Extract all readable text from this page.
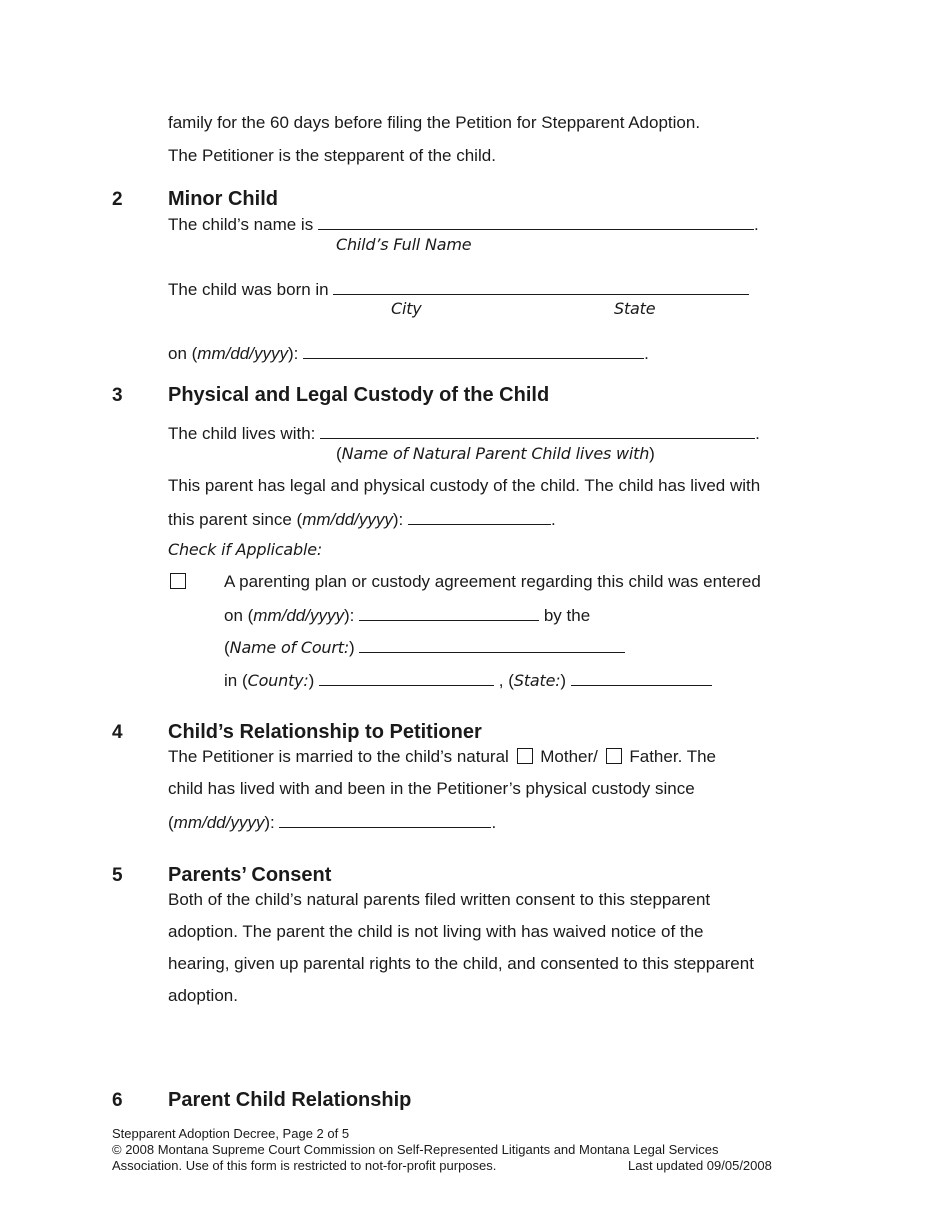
family for the 60 days before filing the Petition for Stepparent Adoption.
The Petitioner is the stepparent of the child.
2 Minor Child
The child’s name is	.
Child’s Full Name
The child was born in
City	State
on (mm/dd/yyyy):	.
3 Physical and Legal Custody of the Child
The child lives with:	.
(Name of Natural Parent Child lives with)
This parent has legal and physical custody of the child. The child has lived with
this parent since (mm/dd/yyyy):	.
Check if Applicable:
A parenting plan or custody agreement regarding this child was entered
on (mm/dd/yyyy):	by the
(Name of Court:)
in (County:)	, (State:)
4 Child’s Relationship to Petitioner
The Petitioner is married to the child’s natural Mother/ Father. The
child has lived with and been in the Petitioner’s physical custody since
(mm/dd/yyyy):	.
5 Parents’ Consent
Both of the child’s natural parents filed written consent to this stepparent
adoption. The parent the child is not living with has waived notice of the
hearing, given up parental rights to the child, and consented to this stepparent
adoption.
6 Parent Child Relationship
Stepparent Adoption Decree, Page 2 of 5
© 2008 Montana Supreme Court Commission on Self-Represented Litigants and Montana Legal Services
Association. Use of this form is restricted to not-for-profit purposes.	Last updated 09/05/2008
